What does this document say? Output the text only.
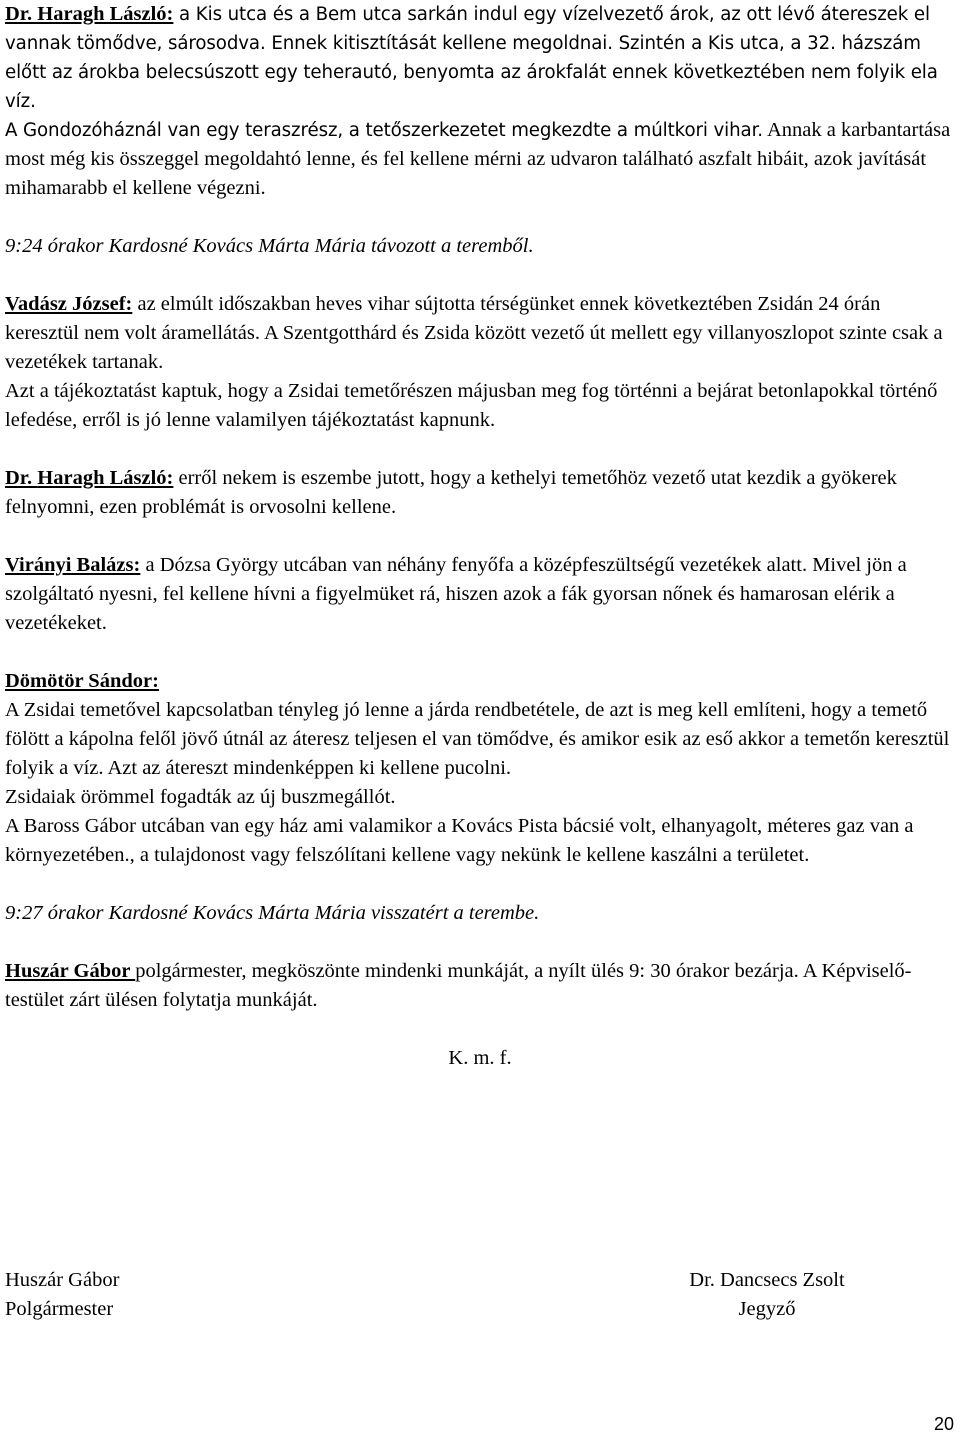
Dr. Haragh László: a Kis utca és a Bem utca sarkán indul egy vízelvezető árok, az ott lévő átereszek el vannak tömődve, sárosodva. Ennek kitisztítását kellene megoldnai. Szintén a Kis utca, a 32. házszám előtt az árokba belecsúszott egy teherautó, benyomta az árokfalát ennek következtében nem folyik ela víz.

A Gondozóháznál van egy teraszrész, a tetőszerkezetet megkezdte a múltkori vihar. Annak a karbantartása most még kis összeggel megoldahtó lenne, és fel kellene mérni az udvaron található aszfalt hibáit, azok javítását mihamarabb el kellene végezni.

9:24 órakor Kardosné Kovács Márta Mária távozott a teremből.

Vadász József: az elmúlt időszakban heves vihar sújtotta térségünket ennek következtében Zsidán 24 órán keresztül nem volt áramellátás. A Szentgotthárd és Zsida között vezető út mellett egy villanyoszlopot szinte csak a vezetékek tartanak.

Azt a tájékoztatást kaptuk, hogy a Zsidai temetőrészen májusban meg fog történni a bejárat betonlapokkal történő lefedése, erről is jó lenne valamilyen tájékoztatást kapnunk.

Dr. Haragh László: erről nekem is eszembe jutott, hogy a kethelyi temetőhöz vezető utat kezdik a gyökerek felnyomni, ezen problémát is orvosolni kellene.

Virányi Balázs: a Dózsa György utcában van néhány fenyőfa a középfeszültségű vezetékek alatt. Mivel jön a szolgáltató nyesni, fel kellene hívni a figyelmüket rá, hiszen azok a fák gyorsan nőnek és hamarosan elérik a vezetékeket.

Dömötör Sándor:

A Zsidai temetővel kapcsolatban tényleg jó lenne a járda rendbetétele, de azt is meg kell említeni, hogy a temető fölött a kápolna felől jövő útnál az áteresz teljesen el van tömődve, és amikor esik az eső akkor a temetőn keresztül folyik a víz. Azt az átereszt mindenképpen ki kellene pucolni.

Zsidaiak örömmel fogadták az új buszmegállót.

A Baross Gábor utcában van egy ház ami valamikor a Kovács Pista bácsié volt, elhanyagolt, méteres gaz van a környezetében., a tulajdonost vagy felszólítani kellene vagy nekünk le kellene kaszálni a területet.

9:27 órakor Kardosné Kovács Márta Mária visszatért a terembe.

Huszár Gábor polgármester, megköszönte mindenki munkáját, a nyílt ülés 9: 30 órakor bezárja. A Képviselő-testület zárt ülésen folytatja munkáját.

K. m. f.

Huszár Gábor

Polgármester

Dr. Dancsecs Zsolt

Jegyző

20
